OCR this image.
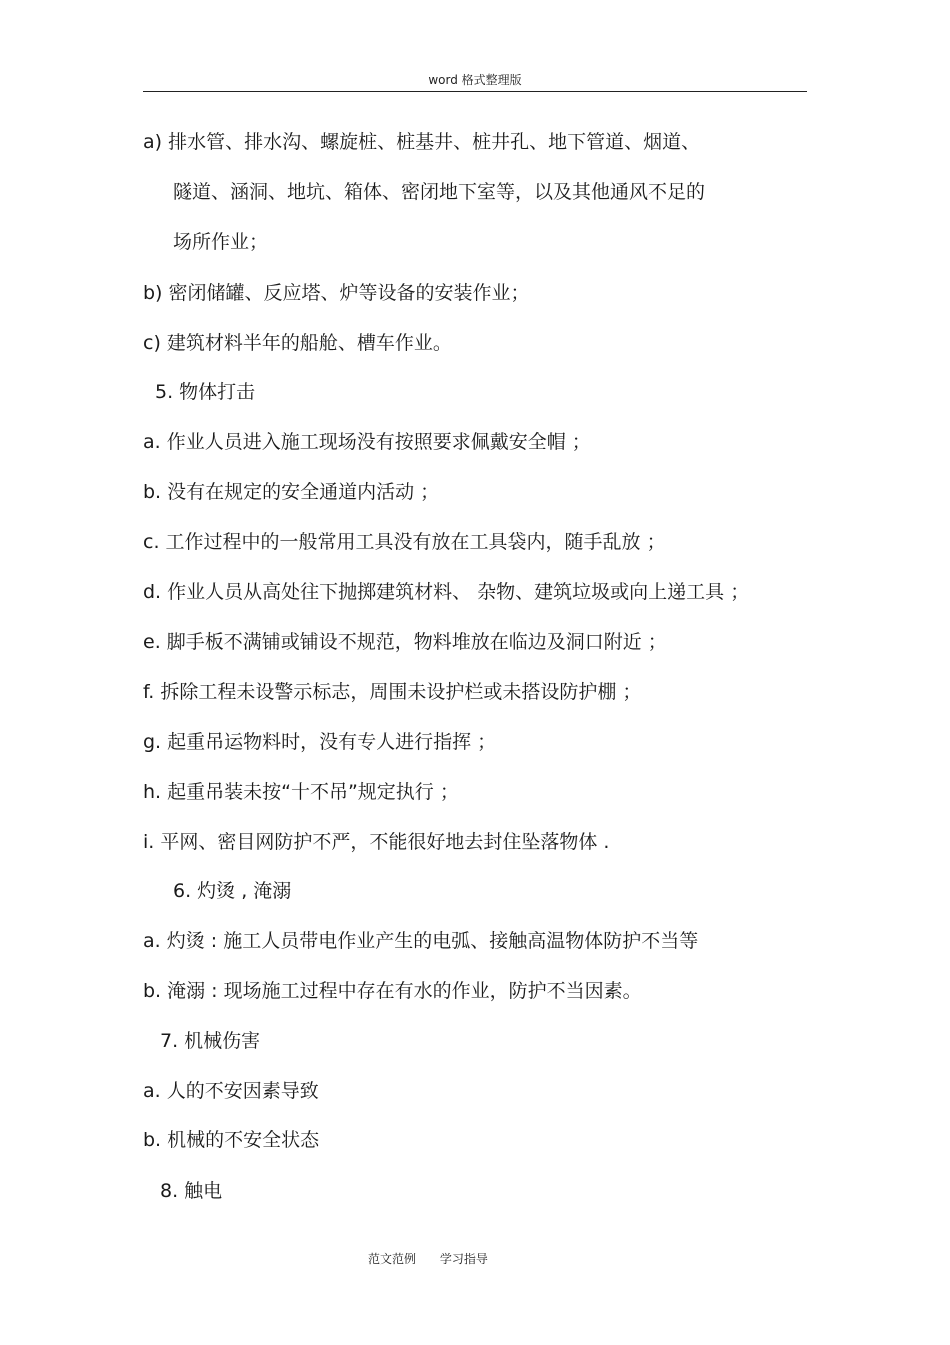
word 格式整理版
a) 排水管、排水沟、螺旋桩、桩基井、桩井孔、地下管道、烟道、
隧道、涵洞、地坑、箱体、密闭地下室等，以及其他通风不足的
场所作业；
b) 密闭储罐、反应塔、炉等设备的安装作业；
c) 建筑材料半年的船舱、槽车作业。
5. 物体打击
a. 作业人员进入施工现场没有按照要求佩戴安全帽 ；
b. 没有在规定的安全通道内活动 ；
c. 工作过程中的一般常用工具没有放在工具袋内，随手乱放 ；
d. 作业人员从高处往下抛掷建筑材料、 杂物、建筑垃圾或向上递工具 ；
e. 脚手板不满铺或铺设不规范，物料堆放在临边及洞口附近 ；
f. 拆除工程未设警示标志，周围未设护栏或未搭设防护棚 ；
g. 起重吊运物料时，没有专人进行指挥 ；
h. 起重吊装未按“十不吊”规定执行 ；
i. 平网、密目网防护不严，不能很好地去封住坠落物体 .
6. 灼烫 , 淹溺
a. 灼烫 : 施工人员带电作业产生的电弧、接触高温物体防护不当等
b. 淹溺 : 现场施工过程中存在有水的作业，防护不当因素。
7. 机械伤害
a. 人的不安因素导致
b. 机械的不安全状态
8. 触电
范文范例 学习指导
